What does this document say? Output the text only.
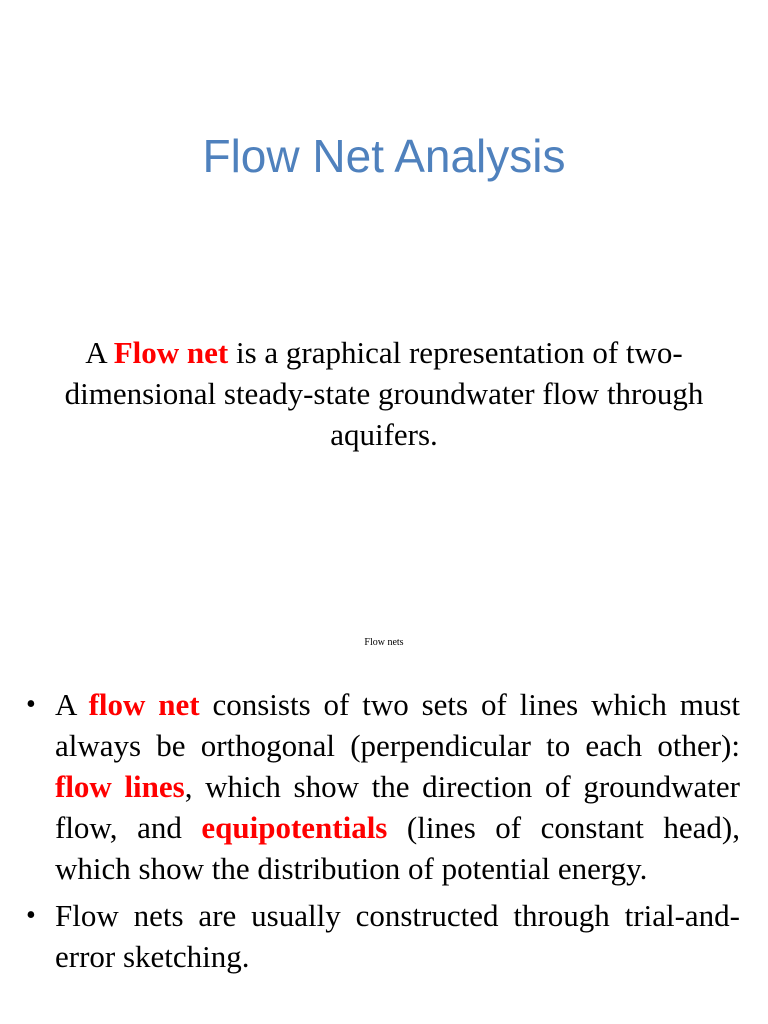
Flow Net Analysis

A Flow net is a graphical representation of two-dimensional steady-state groundwater flow through aquifers.

Flow nets

• A flow net consists of two sets of lines which must always be orthogonal (perpendicular to each other): flow lines, which show the direction of groundwater flow, and equipotentials (lines of constant head), which show the distribution of potential energy.
• Flow nets are usually constructed through trial-and-error sketching.
